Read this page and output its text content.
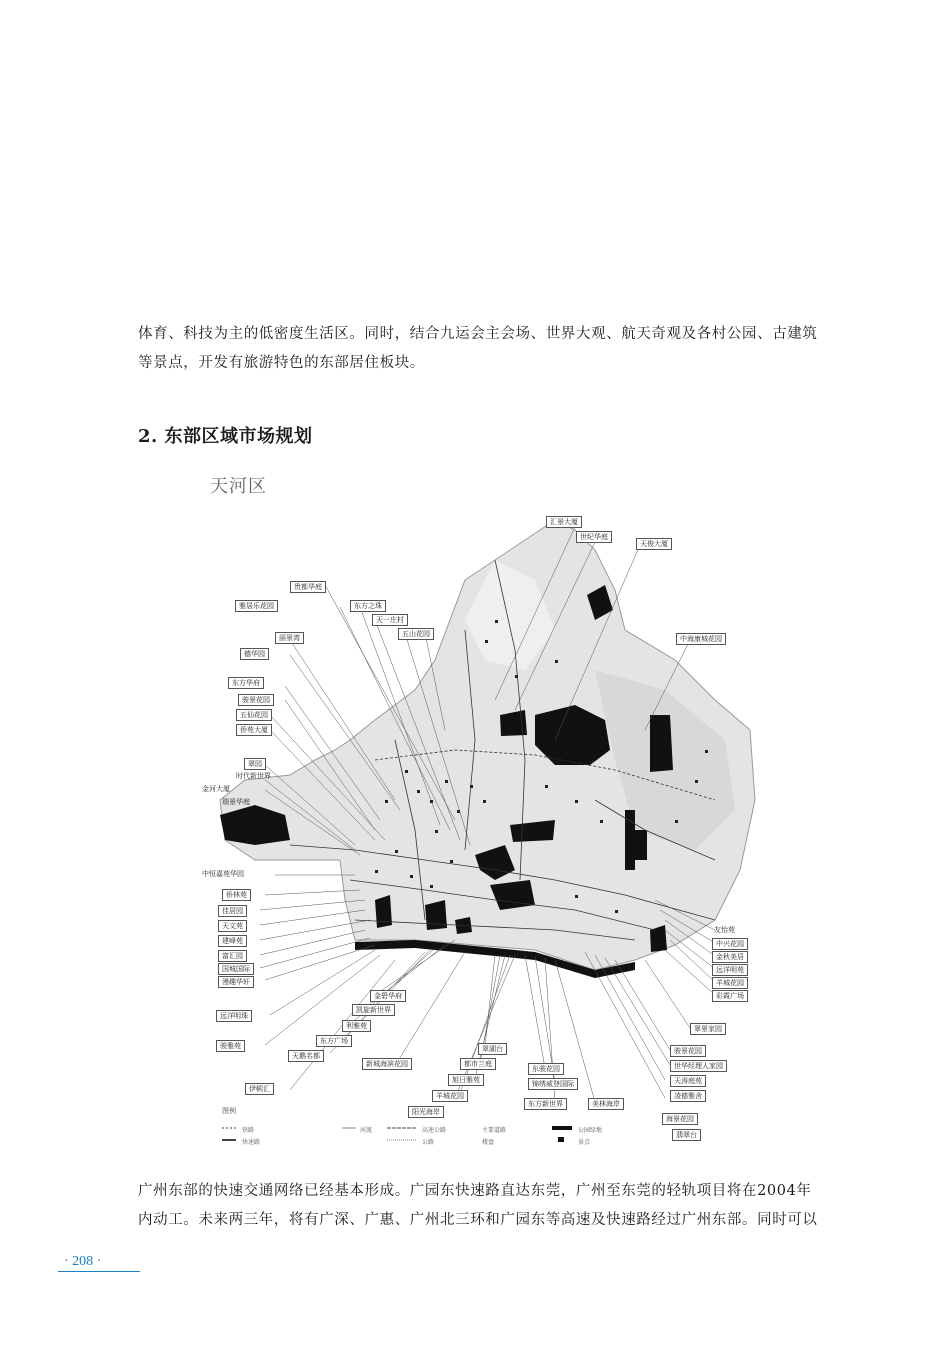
体育、科技为主的低密度生活区。同时，结合九运会主会场、世界大观、航天奇观及各村公园、古建筑等景点，开发有旅游特色的东部居住板块。

2. 东部区域市场规划
天河区
贵都华庭
雅居乐花园	东方之珠
天一庄村
丽景湾
德华园
东方华府
骏景花园
五仙花园
侨苑大厦
翠园
时代新世界
金河大厦
瑞景华庭
中恒嘉苑华园
侨林苑
佳居园
天文苑
建峰苑
富汇园
国城国际
漫趣华轩
远洋明珠
骏雅苑
伊顿汇
汇景大厦
世纪华庭
天俊大厦
中海康城花园
五山花园
友怡苑
中兴花园
金秋美居
远洋明苑
羊城花园
彩霞广场
翠景家园
骏景花园
世华经理人家园
天涛庭苑
凌德雅舍
海景花园
翡翠台
金碧华府
凯旋新世界
利雅苑
东方广场
天鹅名都
新城海滨花园
翠湖台
都市兰庭
旭日雅苑
羊城花园
阳光海岸
东骏花园
锦绣威登国际
东方新世界	美林海岸
图例
铁路
快速路
河流	高速公路
公路
主要道路
楼盘
公园绿地
景点

广州东部的快速交通网络已经基本形成。广园东快速路直达东莞，广州至东莞的轻轨项目将在2004年内动工。未来两三年，将有广深、广惠、广州北三环和广园东等高速及快速路经过广州东部。同时可以

· 208 ·
